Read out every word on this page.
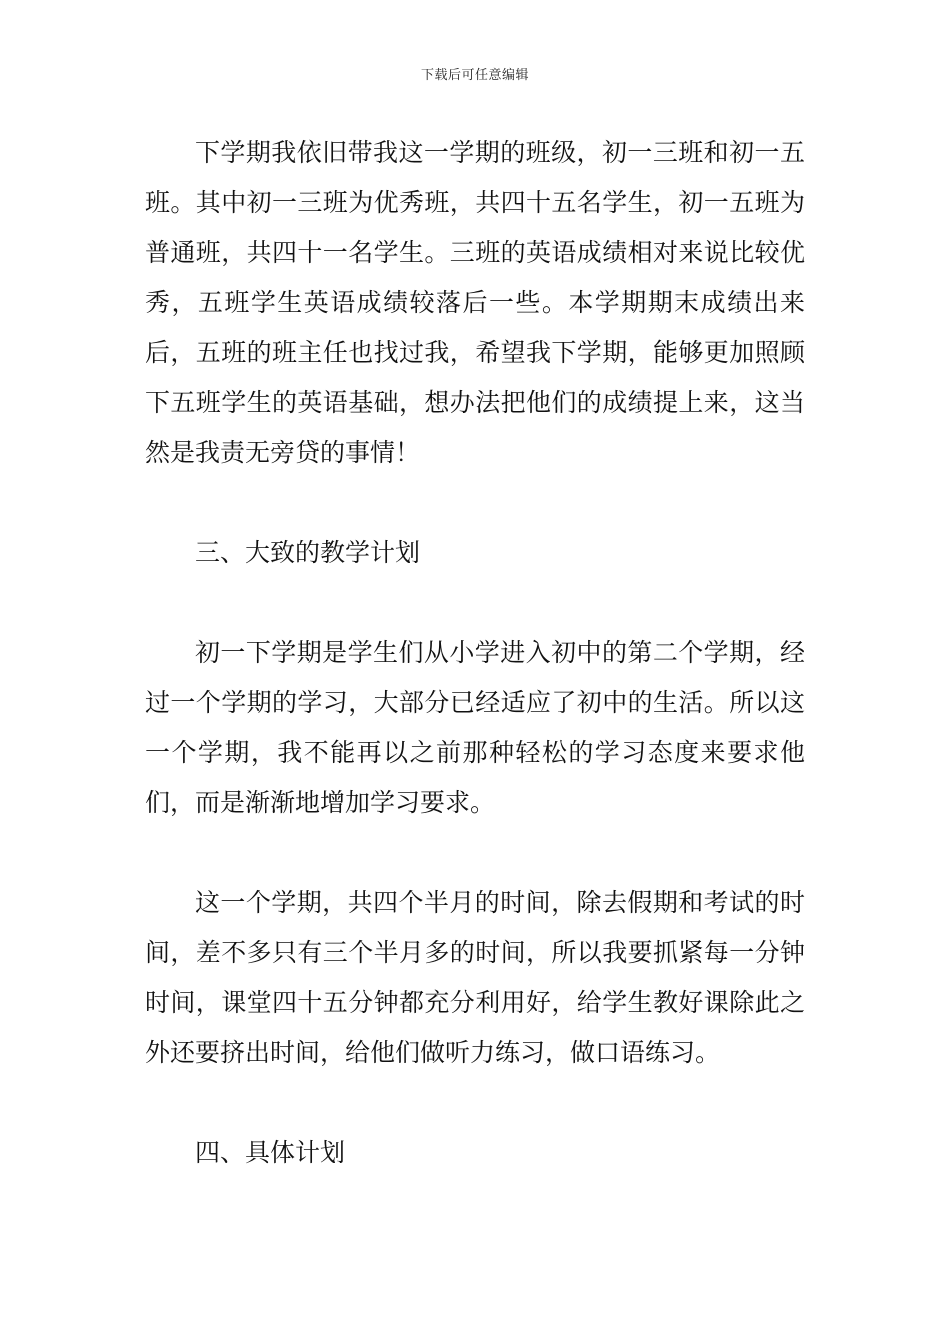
下载后可任意编辑

下学期我依旧带我这一学期的班级，初一三班和初一五班。其中初一三班为优秀班，共四十五名学生，初一五班为普通班，共四十一名学生。三班的英语成绩相对来说比较优秀，五班学生英语成绩较落后一些。本学期期末成绩出来后，五班的班主任也找过我，希望我下学期，能够更加照顾下五班学生的英语基础，想办法把他们的成绩提上来，这当然是我责无旁贷的事情！

三、大致的教学计划

初一下学期是学生们从小学进入初中的第二个学期，经过一个学期的学习，大部分已经适应了初中的生活。所以这一个学期，我不能再以之前那种轻松的学习态度来要求他们，而是渐渐地增加学习要求。

这一个学期，共四个半月的时间，除去假期和考试的时间，差不多只有三个半月多的时间，所以我要抓紧每一分钟时间，课堂四十五分钟都充分利用好，给学生教好课除此之外还要挤出时间，给他们做听力练习，做口语练习。

四、具体计划
